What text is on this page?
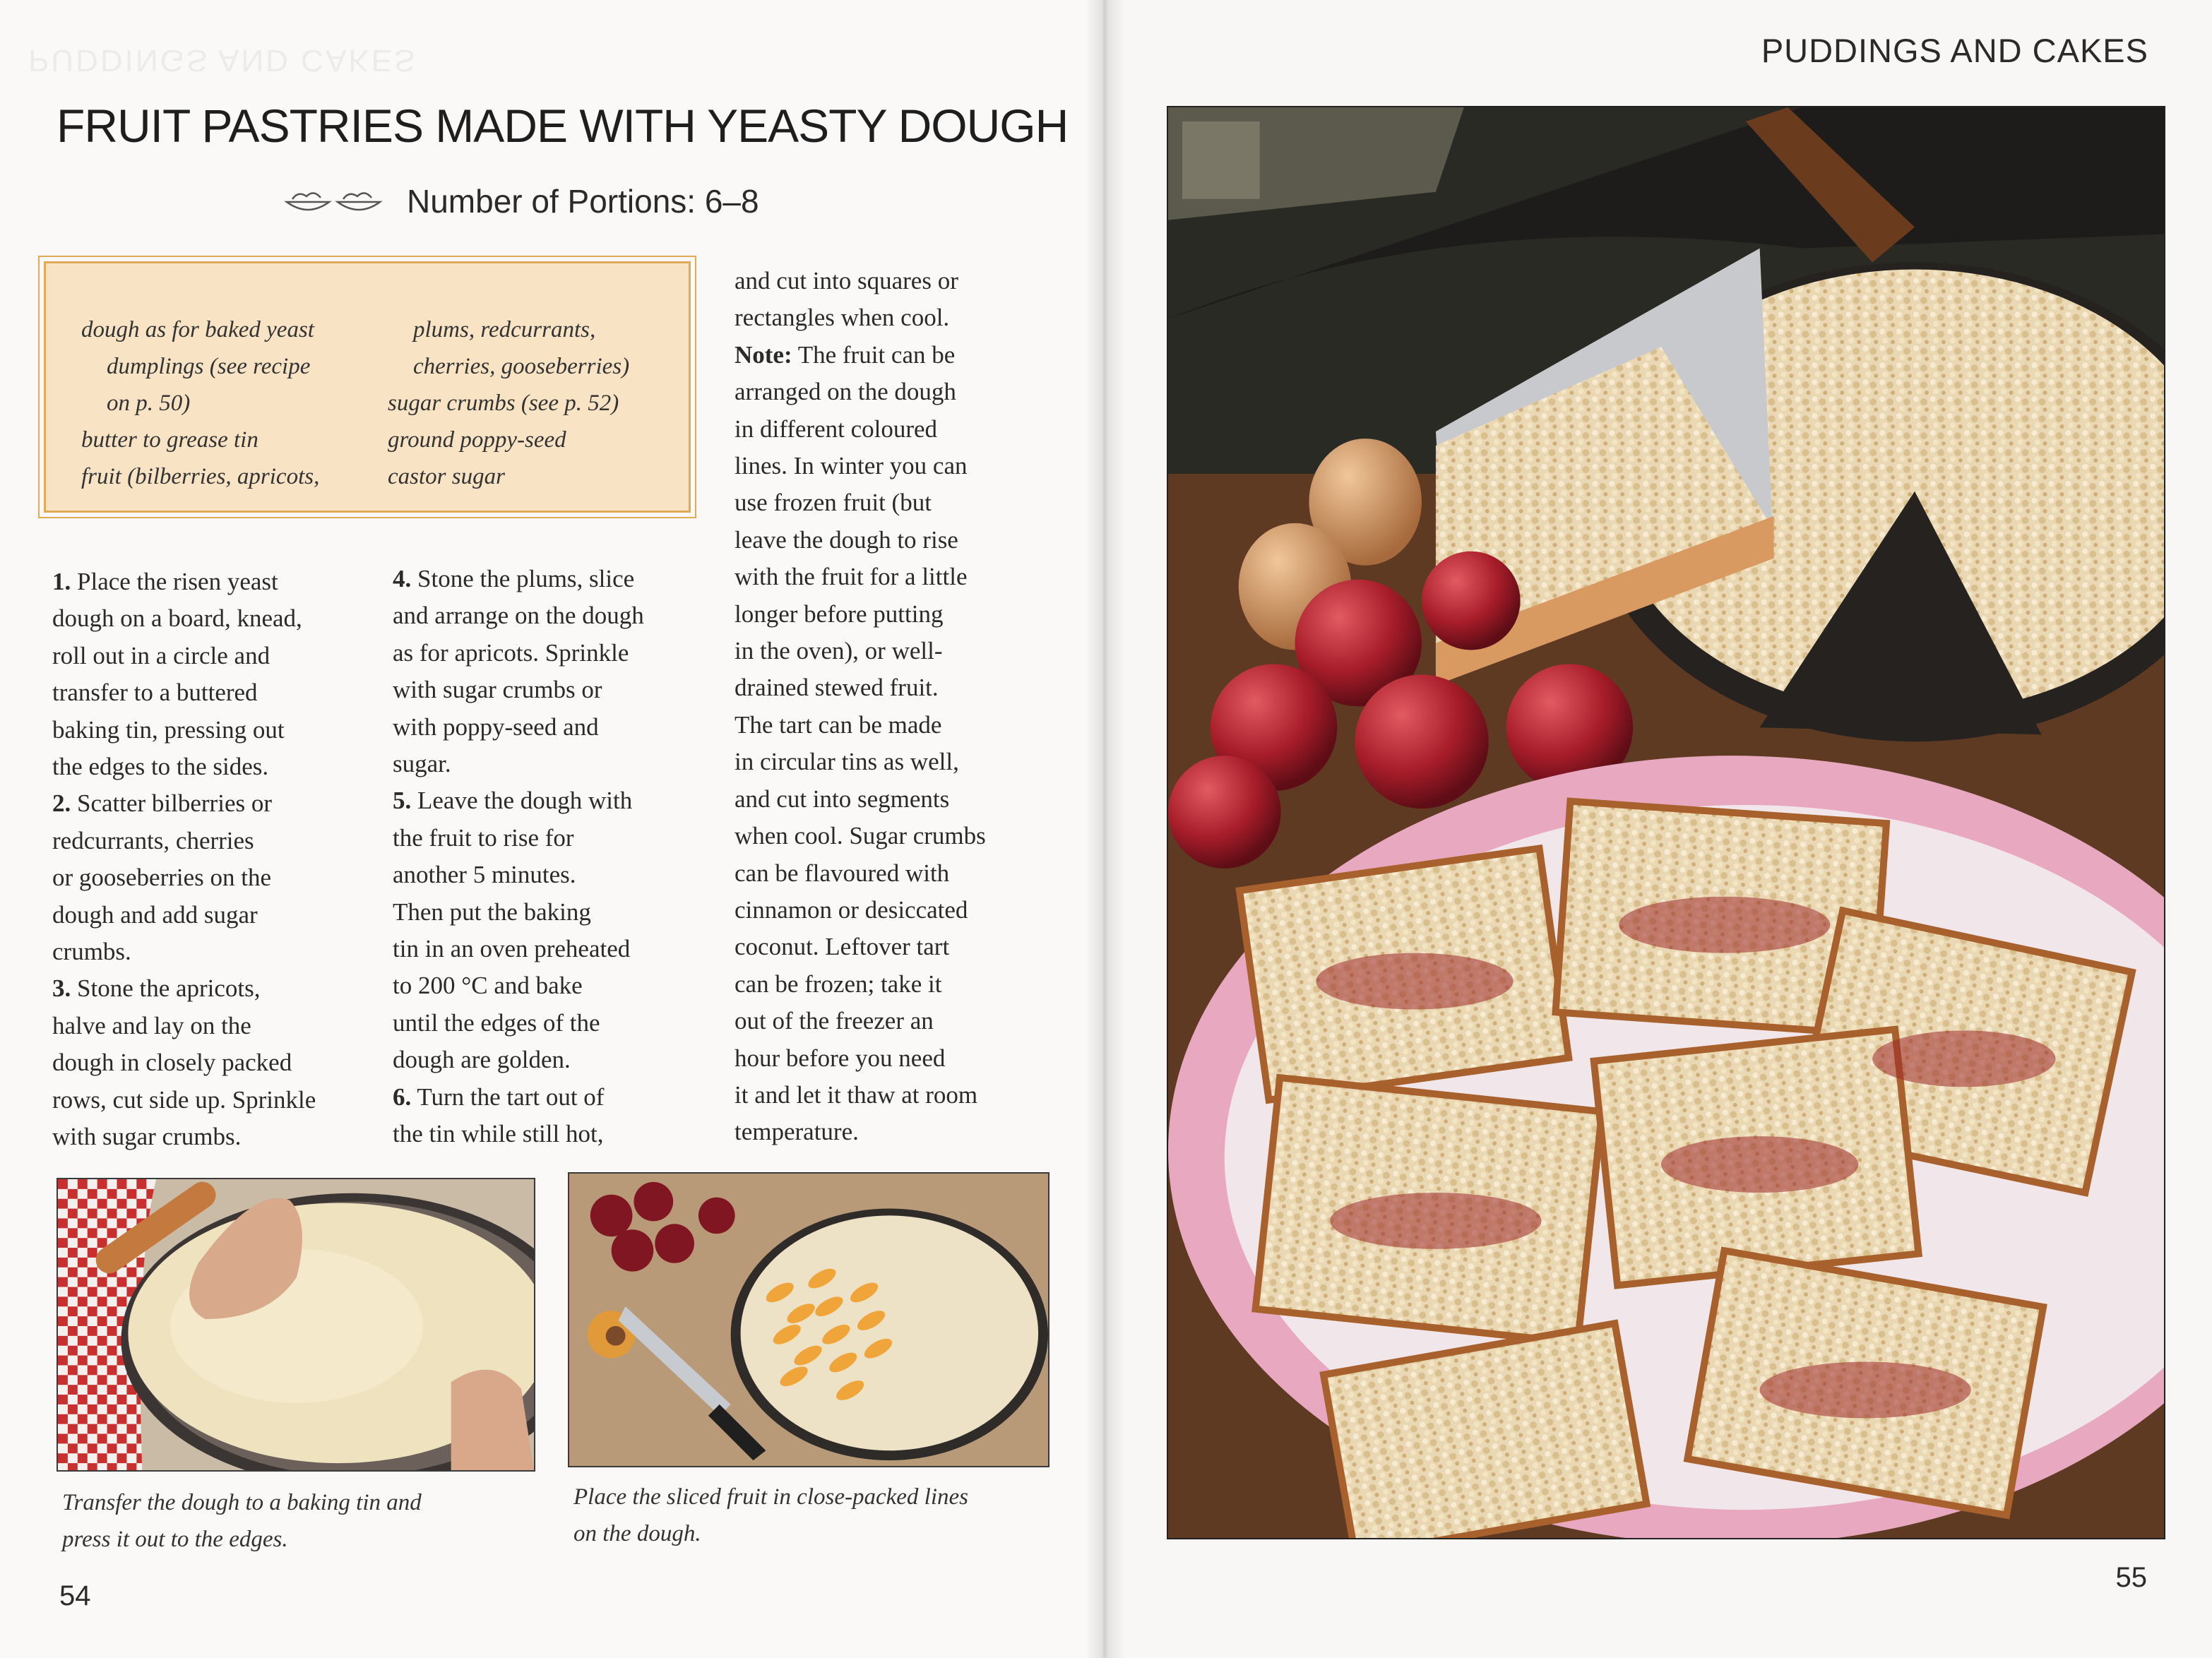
PUDDINGS AND CAKES
FRUIT PASTRIES MADE WITH YEASTY DOUGH
Number of Portions: 6–8
dough as for baked yeast
dumplings (see recipe
on p. 50)
butter to grease tin
fruit (bilberries, apricots,
plums, redcurrants,
cherries, gooseberries)
sugar crumbs (see p. 52)
ground poppy-seed
castor sugar
1. Place the risen yeast
dough on a board, knead,
roll out in a circle and
transfer to a buttered
baking tin, pressing out
the edges to the sides.
2. Scatter bilberries or
redcurrants, cherries
or gooseberries on the
dough and add sugar
crumbs.
3. Stone the apricots,
halve and lay on the
dough in closely packed
rows, cut side up. Sprinkle
with sugar crumbs.
4. Stone the plums, slice
and arrange on the dough
as for apricots. Sprinkle
with sugar crumbs or
with poppy-seed and
sugar.
5. Leave the dough with
the fruit to rise for
another 5 minutes.
Then put the baking
tin in an oven preheated
to 200 °C and bake
until the edges of the
dough are golden.
6. Turn the tart out of
the tin while still hot,
and cut into squares or
rectangles when cool.
Note: The fruit can be
arranged on the dough
in different coloured
lines. In winter you can
use frozen fruit (but
leave the dough to rise
with the fruit for a little
longer before putting
in the oven), or well-
drained stewed fruit.
The tart can be made
in circular tins as well,
and cut into segments
when cool. Sugar crumbs
can be flavoured with
cinnamon or desiccated
coconut. Leftover tart
can be frozen; take it
out of the freezer an
hour before you need
it and let it thaw at room
temperature.
Transfer the dough to a baking tin and
press it out to the edges.
Place the sliced fruit in close-packed lines
on the dough.
54
PUDDINGS AND CAKES
55
